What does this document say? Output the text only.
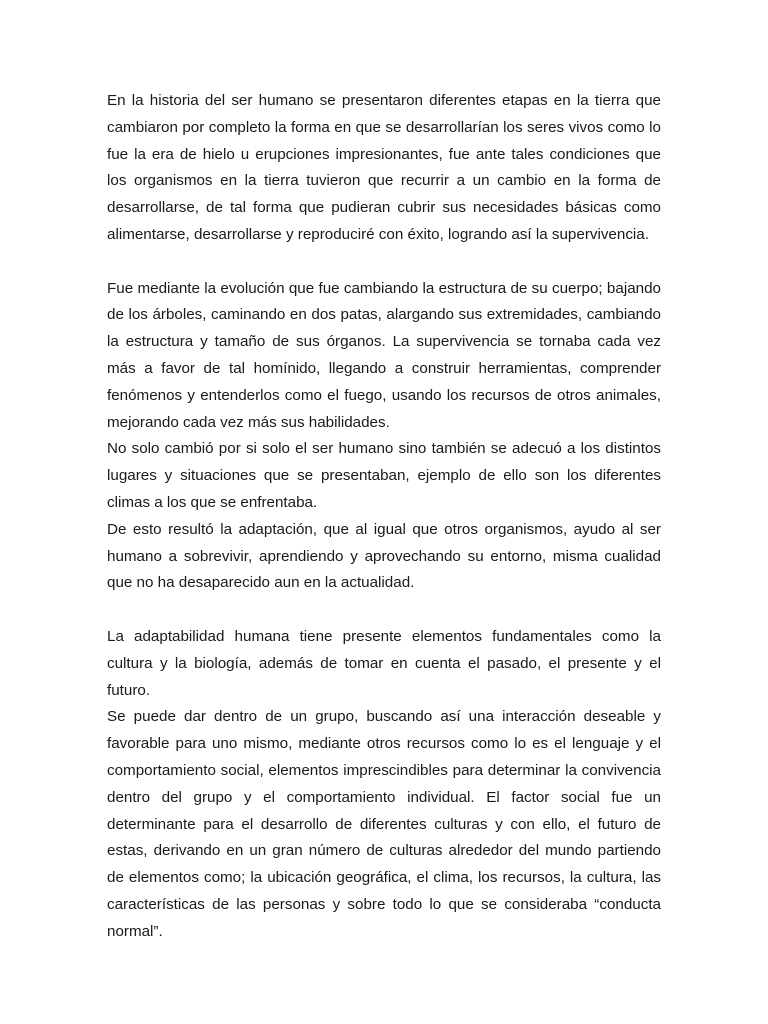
En la historia del ser humano se presentaron diferentes etapas en la tierra que cambiaron por completo la forma en que se desarrollarían los seres vivos como lo fue la era de hielo u erupciones impresionantes, fue ante tales condiciones que los organismos en la tierra tuvieron que recurrir a un cambio en la forma de desarrollarse, de tal forma que pudieran cubrir sus necesidades básicas como alimentarse, desarrollarse y reproduciré con éxito, logrando así la supervivencia.

Fue mediante la evolución que fue cambiando la estructura de su cuerpo; bajando de los árboles, caminando en dos patas, alargando sus extremidades, cambiando la estructura y tamaño de sus órganos. La supervivencia se tornaba cada vez más a favor de tal homínido, llegando a construir herramientas, comprender fenómenos y entenderlos como el fuego, usando los recursos de otros animales, mejorando cada vez más sus habilidades.

No solo cambió por si solo el ser humano sino también se adecuó a los distintos lugares y situaciones que se presentaban, ejemplo de ello son los diferentes climas a los que se enfrentaba.

De esto resultó la adaptación, que al igual que otros organismos, ayudo al ser humano a sobrevivir, aprendiendo y aprovechando su entorno, misma cualidad que no ha desaparecido aun en la actualidad.

La adaptabilidad humana tiene presente elementos fundamentales como la cultura y la biología, además de tomar en cuenta el pasado, el presente y el futuro.

Se puede dar dentro de un grupo, buscando así una interacción deseable y favorable para uno mismo, mediante otros recursos como lo es el lenguaje y el comportamiento social, elementos imprescindibles para determinar la convivencia dentro del grupo y el comportamiento individual. El factor social fue un determinante para el desarrollo de diferentes culturas y con ello, el futuro de estas, derivando en un gran número de culturas alrededor del mundo partiendo de elementos como; la ubicación geográfica, el clima, los recursos, la cultura, las características de las personas y sobre todo lo que se consideraba “conducta normal”.
